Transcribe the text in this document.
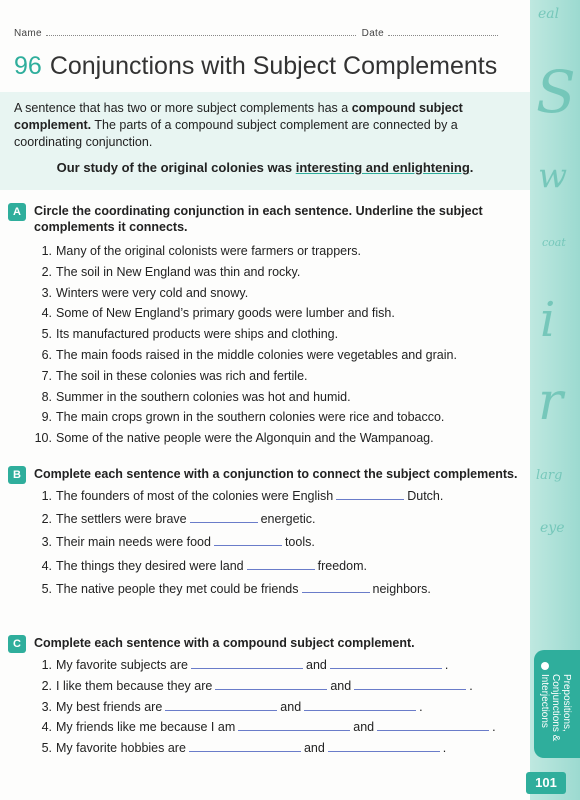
eal
S
w
coat
i
r
larg
eye
Prepositions, Conjunctions & Interjections
101
Name	Date
96 Conjunctions with Subject Complements

A sentence that has two or more subject complements has a compound subject complement. The parts of a compound subject complement are connected by a coordinating conjunction.

Our study of the original colonies was interesting and enlightening.

A	Circle the coordinating conjunction in each sentence. Underline the subject complements it connects.
1. Many of the original colonists were farmers or trappers.
2. The soil in New England was thin and rocky.
3. Winters were very cold and snowy.
4. Some of New England’s primary goods were lumber and fish.
5. Its manufactured products were ships and clothing.
6. The main foods raised in the middle colonies were vegetables and grain.
7. The soil in these colonies was rich and fertile.
8. Summer in the southern colonies was hot and humid.
9. The main crops grown in the southern colonies were rice and tobacco.
10. Some of the native people were the Algonquin and the Wampanoag.
B	Complete each sentence with a conjunction to connect the subject complements.
1. The founders of most of the colonies were English	Dutch.
2. The settlers were brave	energetic.
3. Their main needs were food	tools.
4. The things they desired were land	freedom.
5. The native people they met could be friends	neighbors.
C	Complete each sentence with a compound subject complement.
1. My favorite subjects are	and	.
2. I like them because they are	and	.
3. My best friends are	and	.
4. My friends like me because I am	and	.
5. My favorite hobbies are	and	.
